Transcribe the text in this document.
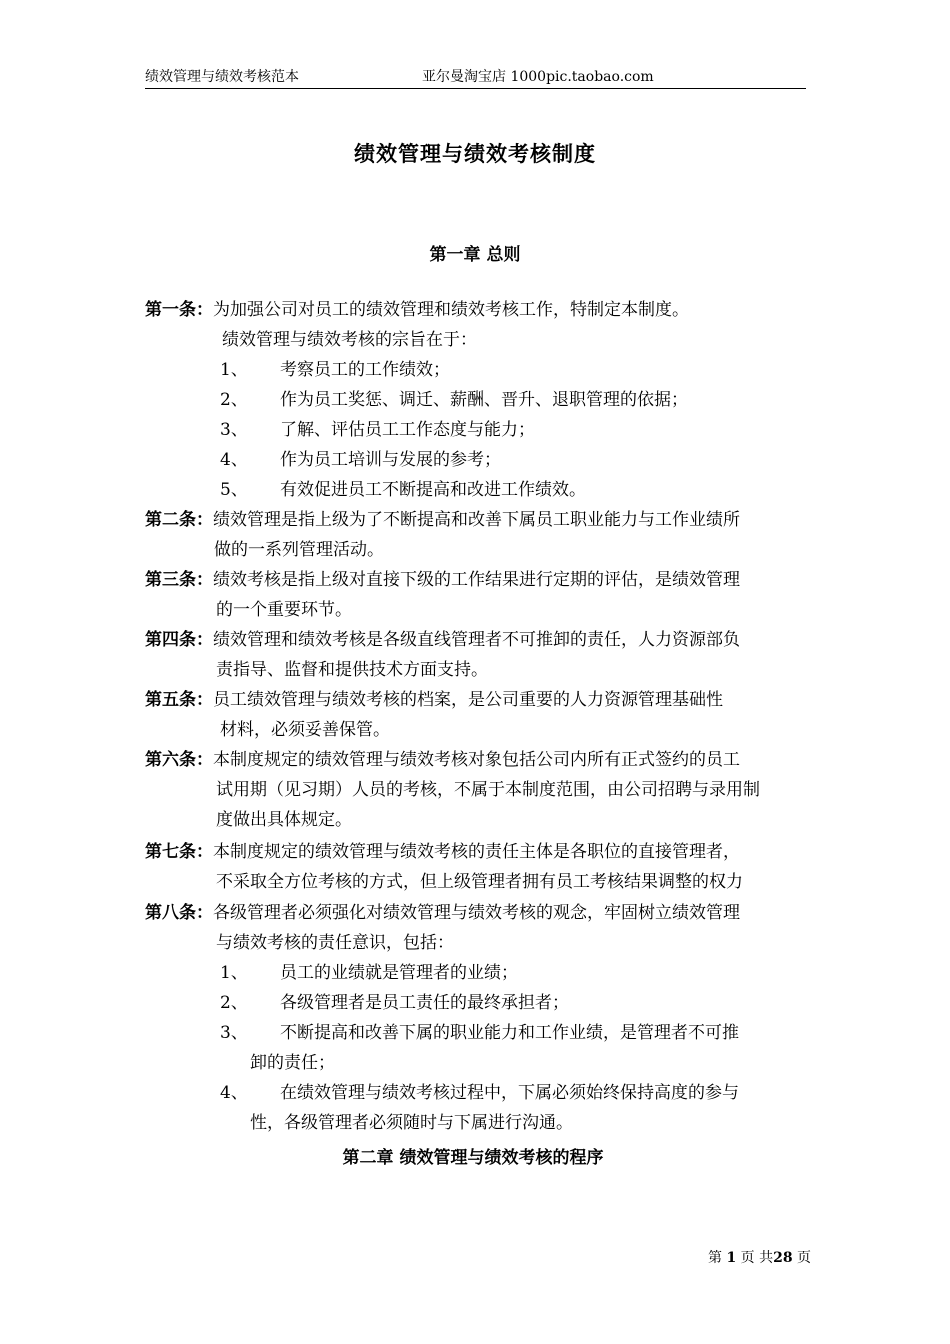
绩效管理与绩效考核范本	亚尔曼淘宝店 1000pic.taobao.com
绩效管理与绩效考核制度
第一章 总则
第一条：为加强公司对员工的绩效管理和绩效考核工作，特制定本制度。
绩效管理与绩效考核的宗旨在于：
1、 考察员工的工作绩效；
2、 作为员工奖惩、调迁、薪酬、晋升、退职管理的依据；
3、 了解、评估员工工作态度与能力；
4、 作为员工培训与发展的参考；
5、 有效促进员工不断提高和改进工作绩效。
第二条：绩效管理是指上级为了不断提高和改善下属员工职业能力与工作业绩所
做的一系列管理活动。
第三条：绩效考核是指上级对直接下级的工作结果进行定期的评估，是绩效管理
的一个重要环节。
第四条：绩效管理和绩效考核是各级直线管理者不可推卸的责任，人力资源部负
责指导、监督和提供技术方面支持。
第五条：员工绩效管理与绩效考核的档案，是公司重要的人力资源管理基础性
材料，必须妥善保管。
第六条：本制度规定的绩效管理与绩效考核对象包括公司内所有正式签约的员工
试用期（见习期）人员的考核，不属于本制度范围，由公司招聘与录用制
度做出具体规定。
第七条：本制度规定的绩效管理与绩效考核的责任主体是各职位的直接管理者，
不采取全方位考核的方式，但上级管理者拥有员工考核结果调整的权力
第八条：各级管理者必须强化对绩效管理与绩效考核的观念，牢固树立绩效管理
与绩效考核的责任意识，包括：
1、 员工的业绩就是管理者的业绩；
2、 各级管理者是员工责任的最终承担者；
3、 不断提高和改善下属的职业能力和工作业绩，是管理者不可推
卸的责任；
4、 在绩效管理与绩效考核过程中，下属必须始终保持高度的参与
性，各级管理者必须随时与下属进行沟通。
第二章 绩效管理与绩效考核的程序
第 1 页 共28 页
